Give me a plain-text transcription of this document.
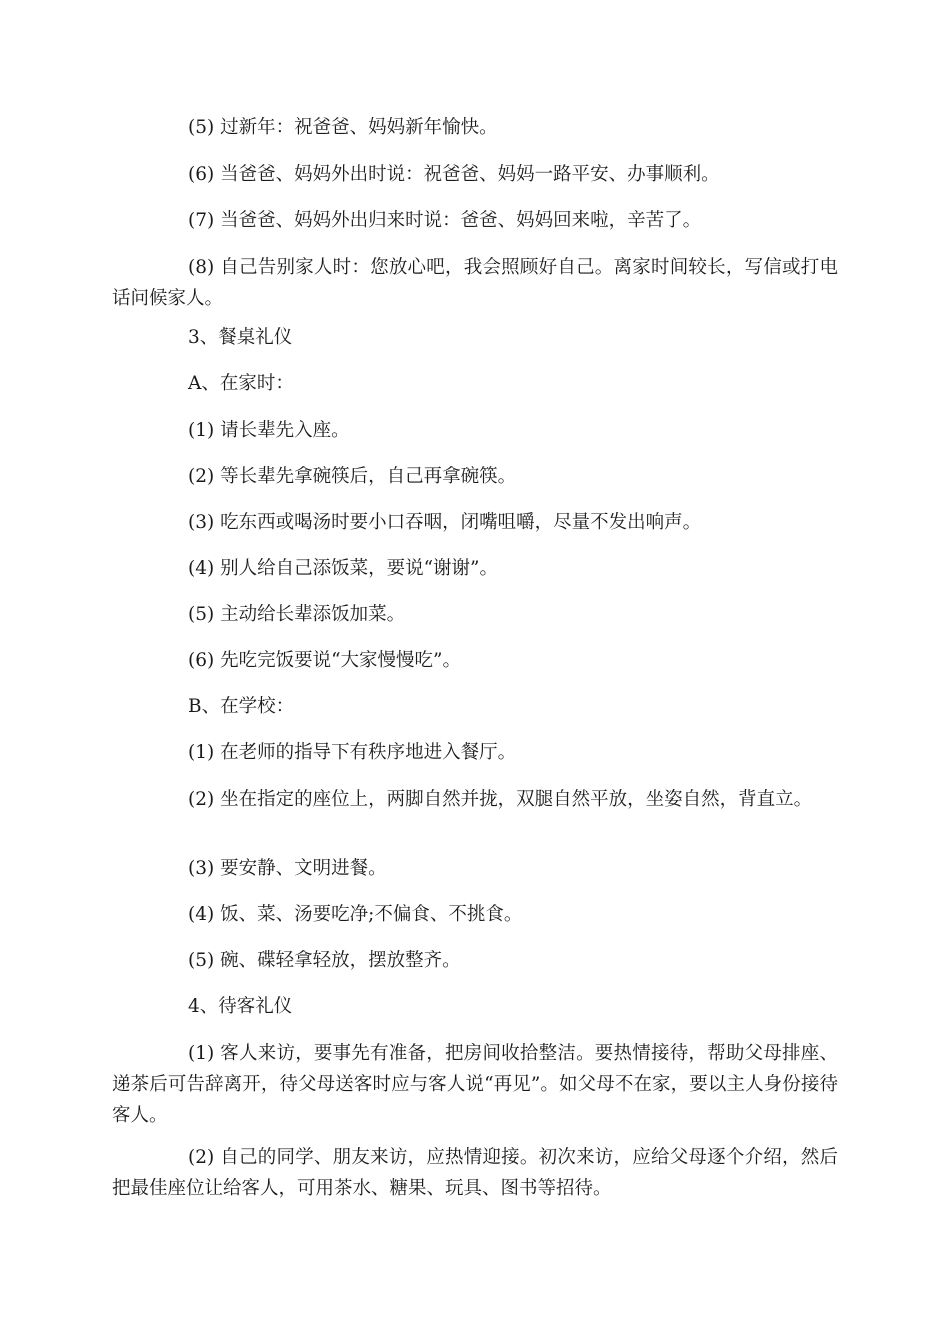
(5) 过新年：祝爸爸、妈妈新年愉快。

(6) 当爸爸、妈妈外出时说：祝爸爸、妈妈一路平安、办事顺利。

(7) 当爸爸、妈妈外出归来时说：爸爸、妈妈回来啦，辛苦了。

(8) 自己告别家人时：您放心吧，我会照顾好自己。离家时间较长，写信或打电话问候家人。

3、餐桌礼仪

A、在家时：

(1) 请长辈先入座。

(2) 等长辈先拿碗筷后，自己再拿碗筷。

(3) 吃东西或喝汤时要小口吞咽，闭嘴咀嚼，尽量不发出响声。

(4) 别人给自己添饭菜，要说“谢谢”。

(5) 主动给长辈添饭加菜。

(6) 先吃完饭要说“大家慢慢吃”。

B、在学校：

(1) 在老师的指导下有秩序地进入餐厅。

(2) 坐在指定的座位上，两脚自然并拢，双腿自然平放，坐姿自然，背直立。

(3) 要安静、文明进餐。

(4) 饭、菜、汤要吃净;不偏食、不挑食。

(5) 碗、碟轻拿轻放，摆放整齐。

4、待客礼仪

(1) 客人来访，要事先有准备，把房间收拾整洁。要热情接待，帮助父母排座、递茶后可告辞离开，待父母送客时应与客人说“再见”。如父母不在家，要以主人身份接待客人。

(2) 自己的同学、朋友来访，应热情迎接。初次来访，应给父母逐个介绍，然后把最佳座位让给客人，可用茶水、糖果、玩具、图书等招待。
